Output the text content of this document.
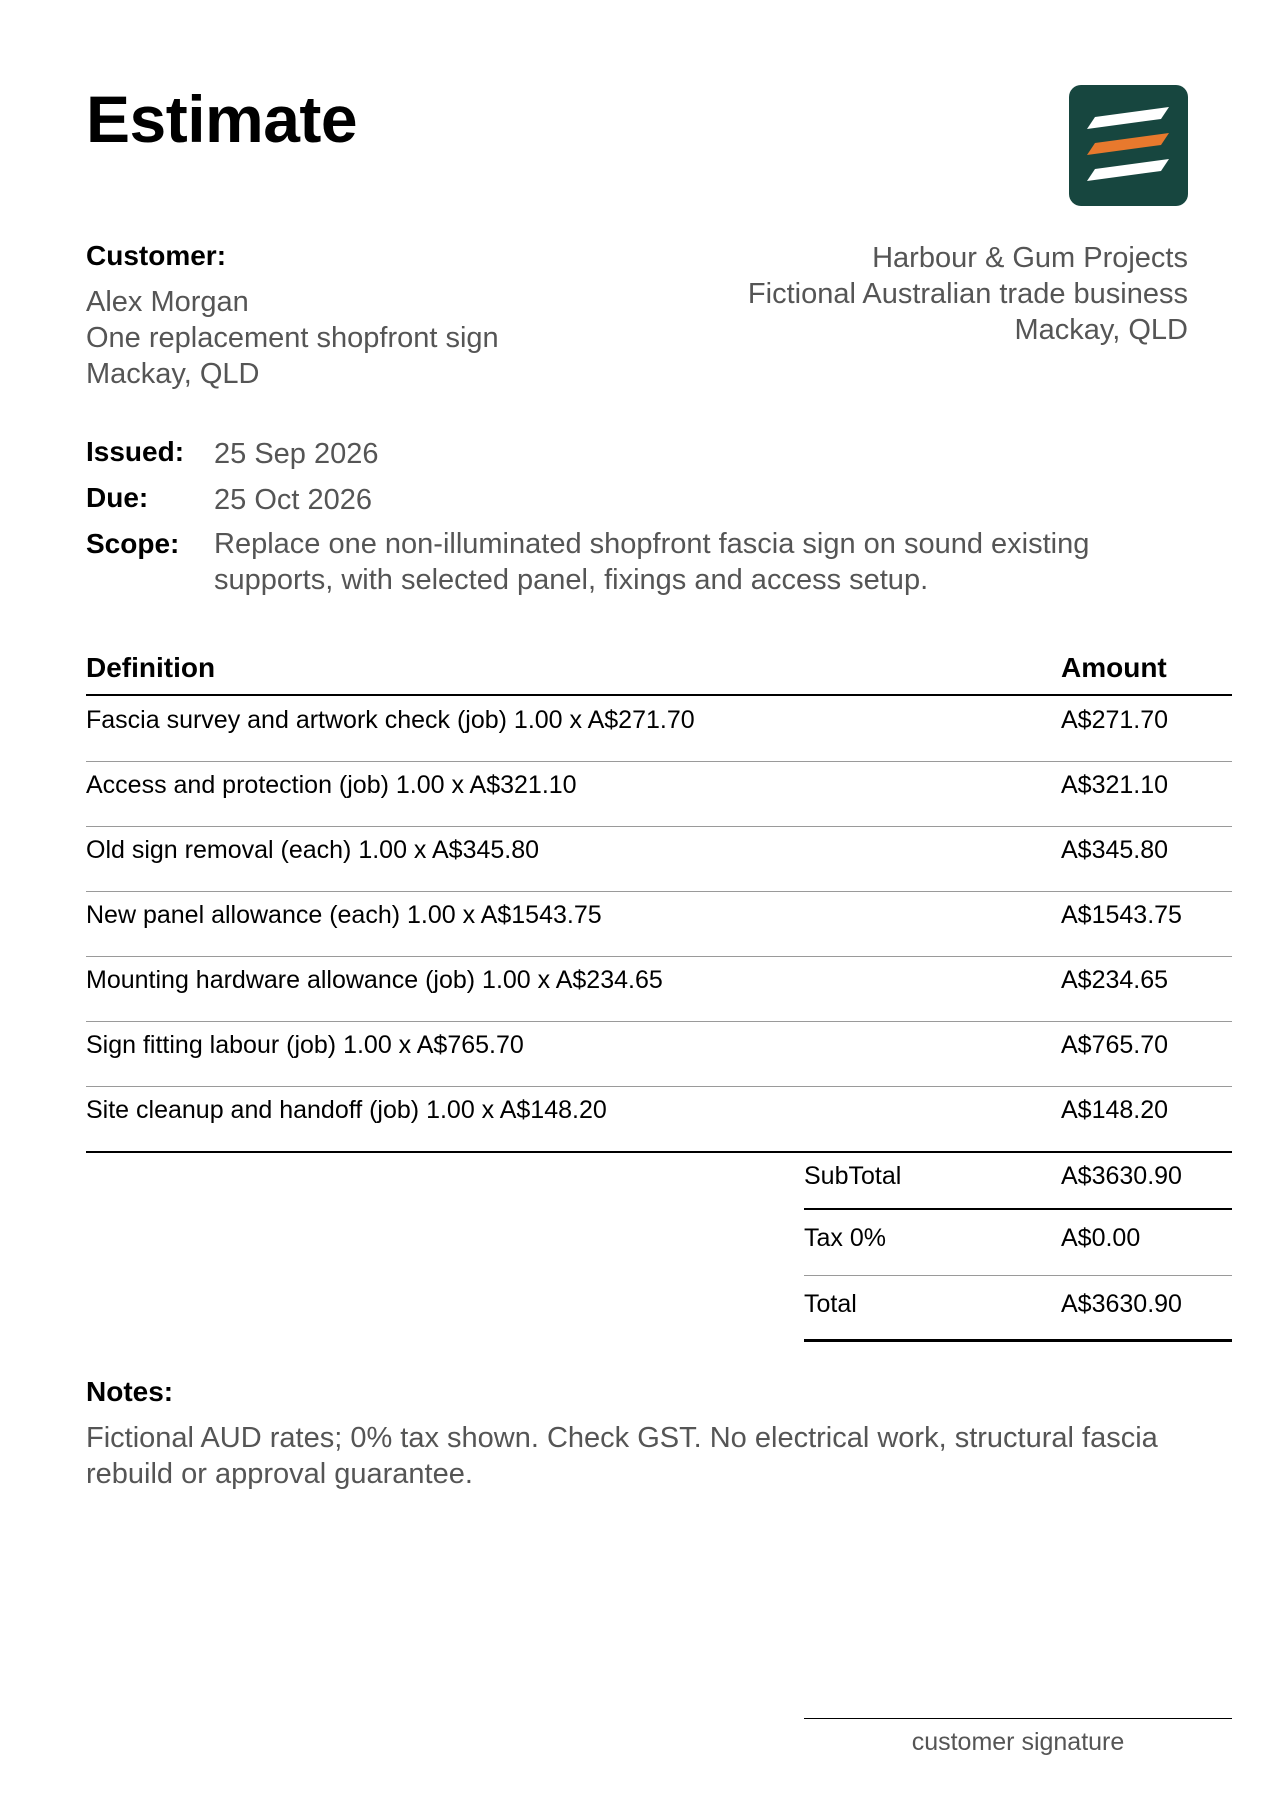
Estimate
Customer:
Alex Morgan
One replacement shopfront sign
Mackay, QLD
Harbour & Gum Projects
Fictional Australian trade business
Mackay, QLD
Issued: 25 Sep 2026
Due: 25 Oct 2026
Scope: Replace one non-illuminated shopfront fascia sign on sound existing supports, with selected panel, fixings and access setup.
Definition	Amount
Fascia survey and artwork check (job) 1.00 x A$271.70	A$271.70
Access and protection (job) 1.00 x A$321.10	A$321.10
Old sign removal (each) 1.00 x A$345.80	A$345.80
New panel allowance (each) 1.00 x A$1543.75	A$1543.75
Mounting hardware allowance (job) 1.00 x A$234.65	A$234.65
Sign fitting labour (job) 1.00 x A$765.70	A$765.70
Site cleanup and handoff (job) 1.00 x A$148.20	A$148.20
SubTotal	A$3630.90
Tax 0%	A$0.00
Total	A$3630.90
Notes:
Fictional AUD rates; 0% tax shown. Check GST. No electrical work, structural fascia rebuild or approval guarantee.
customer signature
